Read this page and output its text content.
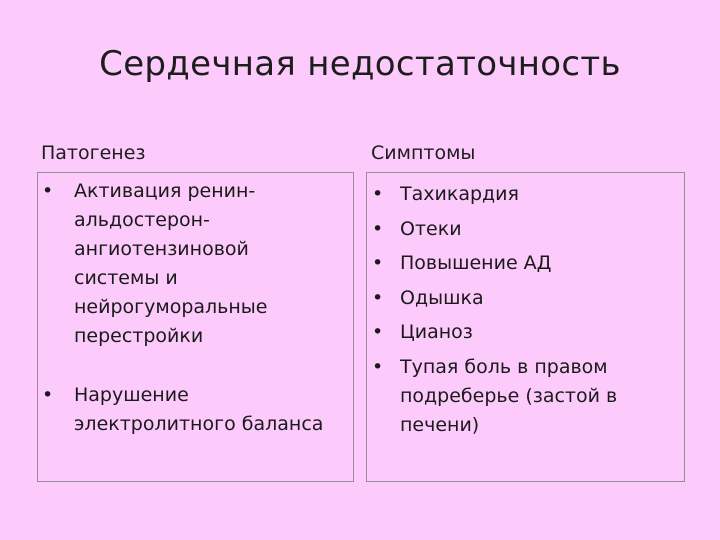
Сердечная недостаточность
Патогенез	Симптомы
• Активация ренин-альдостерон-ангиотензиновой системы и нейрогуморальные перестройки
• Нарушение электролитного баланса
• Тахикардия
• Отеки
• Повышение АД
• Одышка
• Цианоз
• Тупая боль в правом подреберье (застой в печени)
